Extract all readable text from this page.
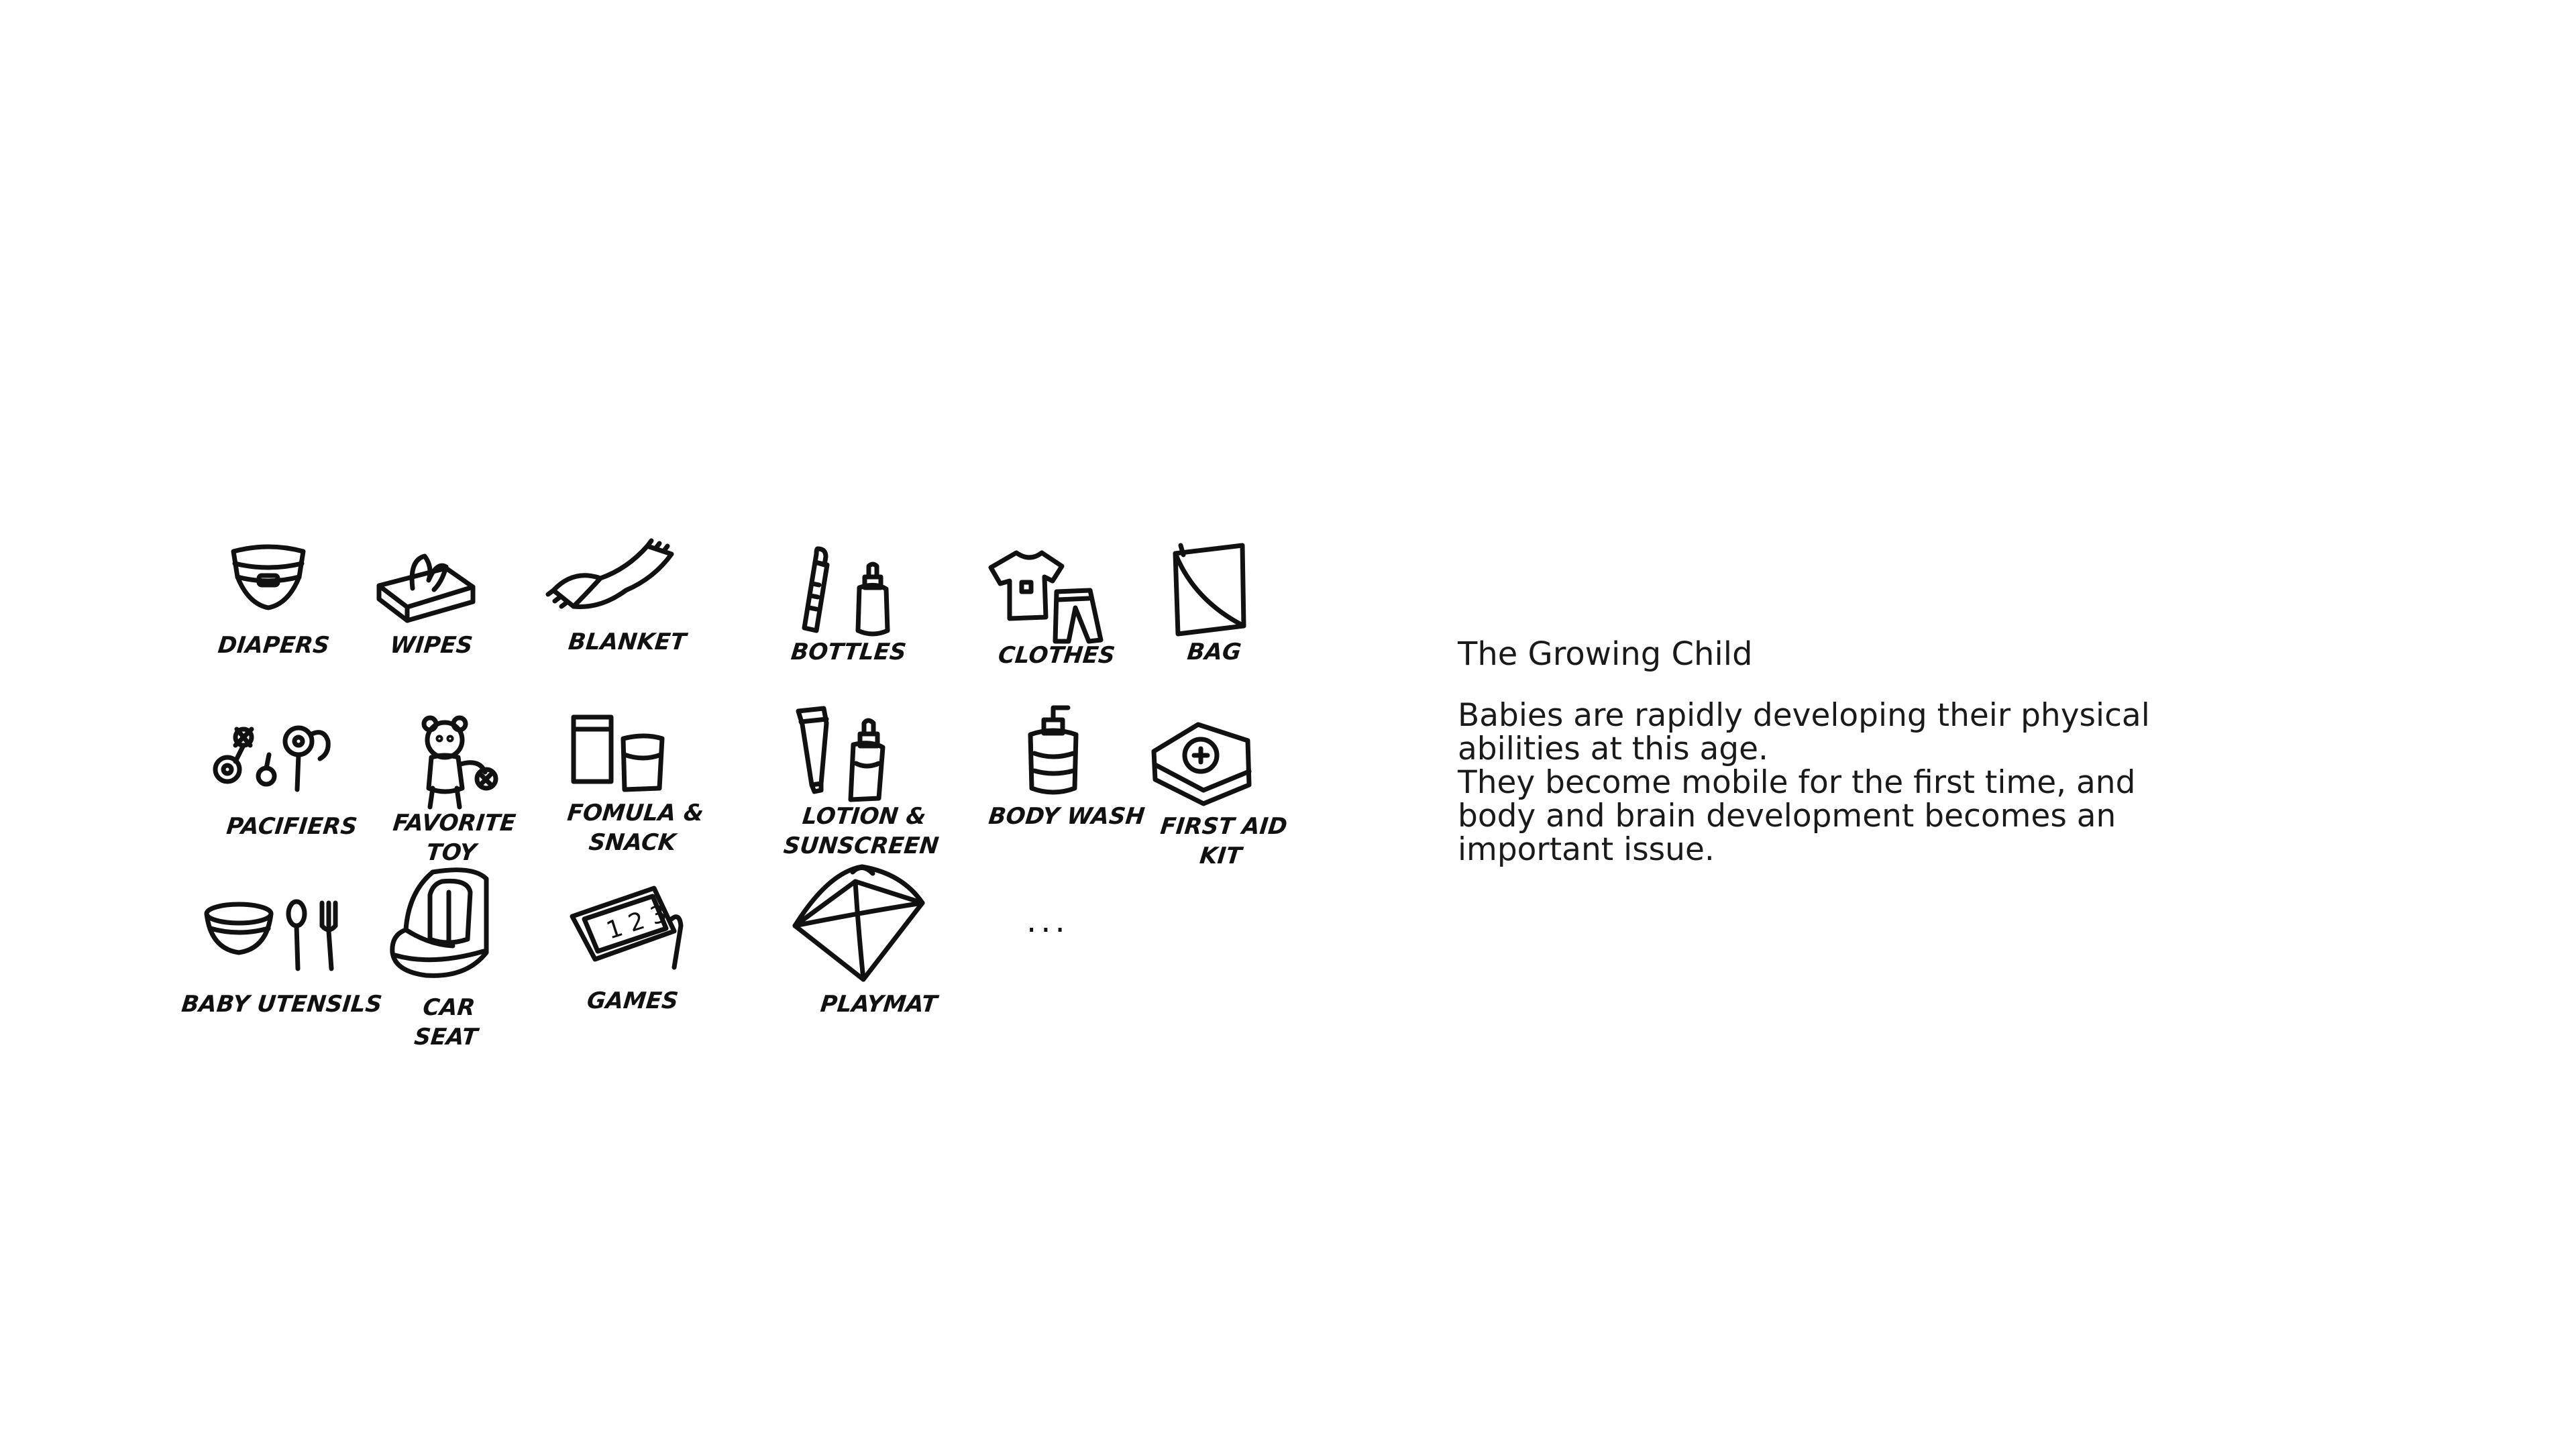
DIAPERS	WIPES	BLANKET	BOTTLES	CLOTHES	BAG
PACIFIERS FAVORITE
TOY
FOMULA &
SNACK
LOTION &
SUNSCREEN
BODY WASH FIRST AID
KIT
BABY UTENSILS CAR
SEAT
1 2 3
GAMES	PLAYMAT
...
The Growing Child

Babies are rapidly developing their physical

abilities at this age.

They become mobile for the first time, and

body and brain development becomes an

important issue.
